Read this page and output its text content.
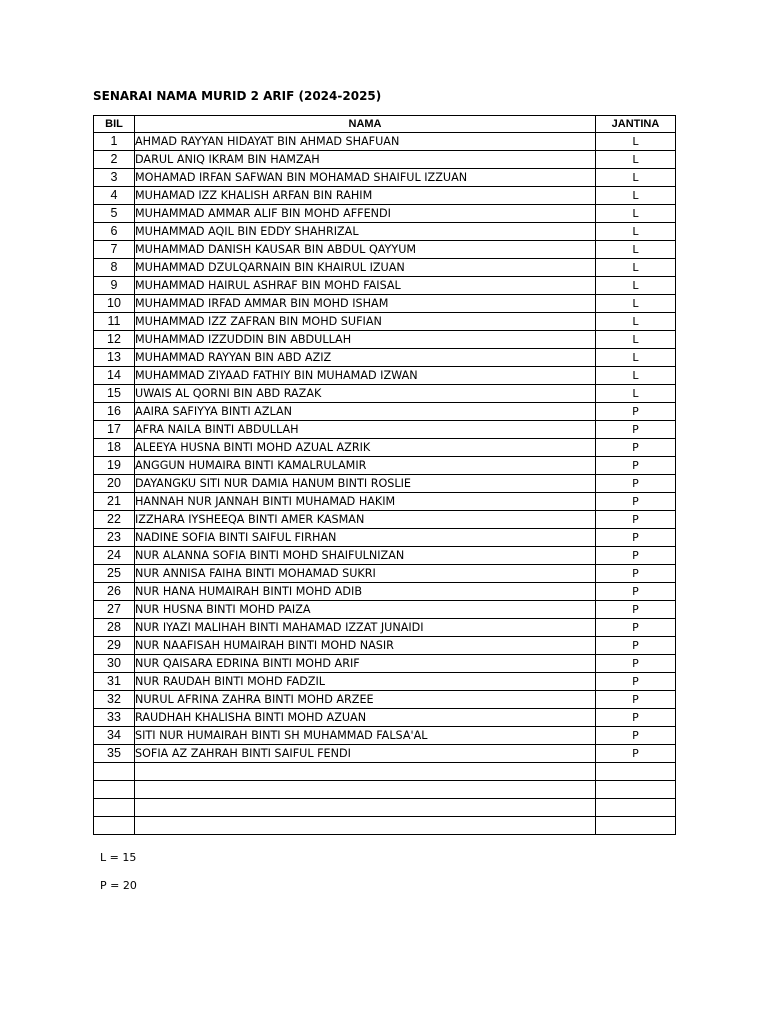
SENARAI NAMA MURID 2 ARIF (2024-2025)
BIL	NAMA	JANTINA
1	AHMAD RAYYAN HIDAYAT BIN AHMAD SHAFUAN	L
2	DARUL ANIQ IKRAM BIN HAMZAH	L
3	MOHAMAD IRFAN SAFWAN BIN MOHAMAD SHAIFUL IZZUAN	L
4	MUHAMAD IZZ KHALISH ARFAN BIN RAHIM	L
5	MUHAMMAD AMMAR ALIF BIN MOHD AFFENDI	L
6	MUHAMMAD AQIL BIN EDDY SHAHRIZAL	L
7	MUHAMMAD DANISH KAUSAR BIN ABDUL QAYYUM	L
8	MUHAMMAD DZULQARNAIN BIN KHAIRUL IZUAN	L
9	MUHAMMAD HAIRUL ASHRAF BIN MOHD FAISAL	L
10	MUHAMMAD IRFAD AMMAR BIN MOHD ISHAM	L
11	MUHAMMAD IZZ ZAFRAN BIN MOHD SUFIAN	L
12	MUHAMMAD IZZUDDIN BIN ABDULLAH	L
13	MUHAMMAD RAYYAN BIN ABD AZIZ	L
14	MUHAMMAD ZIYAAD FATHIY BIN MUHAMAD IZWAN	L
15	UWAIS AL QORNI BIN ABD RAZAK	L
16	AAIRA SAFIYYA BINTI AZLAN	P
17	AFRA NAILA BINTI ABDULLAH	P
18	ALEEYA HUSNA BINTI MOHD AZUAL AZRIK	P
19	ANGGUN HUMAIRA BINTI KAMALRULAMIR	P
20	DAYANGKU SITI NUR DAMIA HANUM BINTI ROSLIE	P
21	HANNAH NUR JANNAH BINTI MUHAMAD HAKIM	P
22	IZZHARA IYSHEEQA BINTI AMER KASMAN	P
23	NADINE SOFIA BINTI SAIFUL FIRHAN	P
24	NUR ALANNA SOFIA BINTI MOHD SHAIFULNIZAN	P
25	NUR ANNISA FAIHA BINTI MOHAMAD SUKRI	P
26	NUR HANA HUMAIRAH BINTI MOHD ADIB	P
27	NUR HUSNA BINTI MOHD PAIZA	P
28	NUR IYAZI MALIHAH BINTI MAHAMAD IZZAT JUNAIDI	P
29	NUR NAAFISAH HUMAIRAH BINTI MOHD NASIR	P
30	NUR QAISARA EDRINA BINTI MOHD ARIF	P
31	NUR RAUDAH BINTI MOHD FADZIL	P
32	NURUL AFRINA ZAHRA BINTI MOHD ARZEE	P
33	RAUDHAH KHALISHA BINTI MOHD AZUAN	P
34	SITI NUR HUMAIRAH BINTI SH MUHAMMAD FALSA'AL	P
35	SOFIA AZ ZAHRAH BINTI SAIFUL FENDI	P

L = 15
P = 20
